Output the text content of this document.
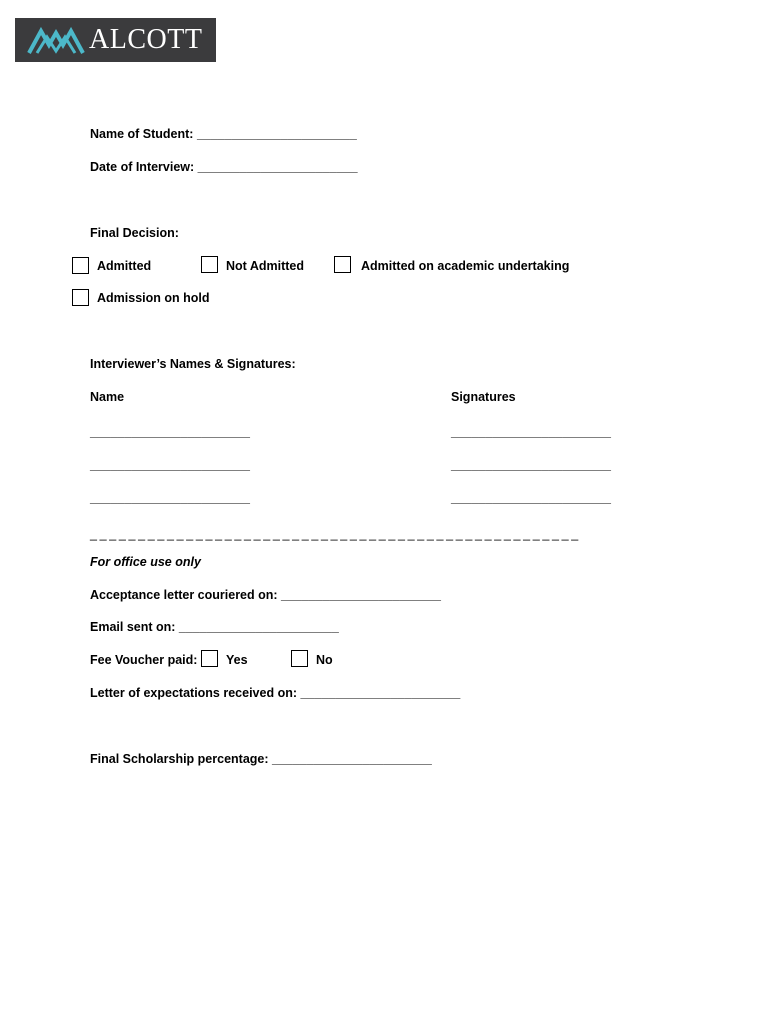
ALCOTT
Name of Student: _______________________
Date of Interview: _______________________
Final Decision:
Admitted	Not Admitted	Admitted on academic undertaking
Admission on hold
Interviewer’s Names & Signatures:
Name	Signatures
_______________________	_______________________
_______________________	_______________________
_______________________	_______________________
_ _ _ _ _ _ _ _ _ _ _ _ _ _ _ _ _ _ _ _ _ _ _ _ _ _ _ _ _ _ _ _ _ _ _ _ _ _ _ _ _ _ _ _ _ _ _ _ _ _ _
For office use only
Acceptance letter couriered on: _______________________
Email sent on: _______________________
Fee Voucher paid: Yes	No
Letter of expectations received on: _______________________
Final Scholarship percentage: _______________________
